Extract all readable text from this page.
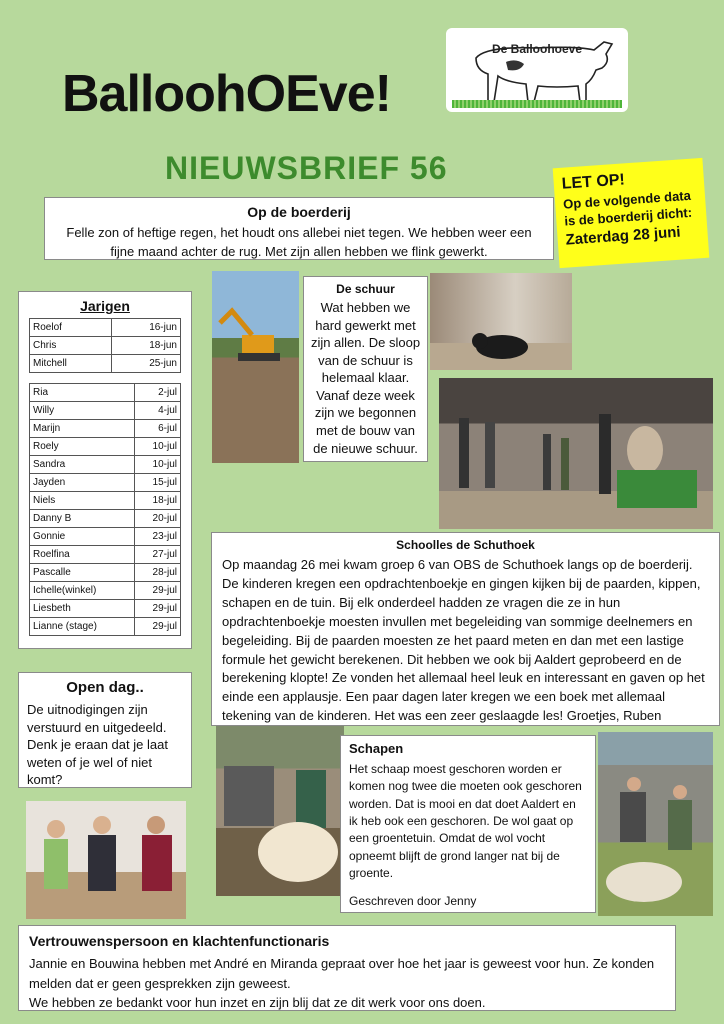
BalloohOEve!
De Balloohoeve
NIEUWSBRIEF 56	LET OP!
Op de volgende data is de boerderij dicht:
Zaterdag 28 juni
Op de boerderij

Felle zon of heftige regen, het houdt ons allebei niet tegen. We hebben weer een fijne maand achter de rug. Met zijn allen hebben we flink gewerkt.

Jarigen
Roelof	16-jun
Chris	18-jun
Mitchell	25-jun
Ria	2-jul
Willy	4-jul
Marijn	6-jul
Roely	10-jul
Sandra	10-jul
Jayden	15-jul
Niels	18-jul
Danny B	20-jul
Gonnie	23-jul
Roelfina	27-jul
Pascalle	28-jul
Ichelle(winkel)	29-jul
Liesbeth	29-jul
Lianne (stage)	29-jul
De schuur

Wat hebben we hard gewerkt met zijn allen. De sloop van de schuur is helemaal klaar. Vanaf deze week zijn we begonnen met de bouw van de nieuwe schuur.

Schoolles de Schuthoek

Op maandag 26 mei kwam groep 6 van OBS de Schuthoek langs op de boerderij. De kinderen kregen een opdrachtenboekje en gingen kijken bij de paarden, kippen, schapen en de tuin. Bij elk onderdeel hadden ze vragen die ze in hun opdrachtenboekje moesten invullen met begeleiding van sommige deelnemers en begeleiding. Bij de paarden moesten ze het paard meten en dan met een lastige formule het gewicht berekenen. Dit hebben we ook bij Aaldert geprobeerd en de berekening klopte! Ze vonden het allemaal heel leuk en interessant en gaven op het einde een applausje. Een paar dagen later kregen we een boek met allemaal tekening van de kinderen. Het was een zeer geslaagde les! Groetjes, Ruben

Open dag..

De uitnodigingen zijn verstuurd en uitgedeeld. Denk je eraan dat je laat weten of je wel of niet komt?

Schapen

Het schaap moest geschoren worden er komen nog twee die moeten ook geschoren worden. Dat is mooi en dat doet Aaldert en ik heb ook een geschoren. De wol gaat op een groentetuin. Omdat de wol vocht opneemt blijft de grond langer nat bij de groente.

Geschreven door Jenny

Vertrouwenspersoon en klachtenfunctionaris

Jannie en Bouwina hebben met André en Miranda gepraat over hoe het jaar is geweest voor hun. Ze konden melden dat er geen gesprekken zijn geweest.

We hebben ze bedankt voor hun inzet en zijn blij dat ze dit werk voor ons doen.
